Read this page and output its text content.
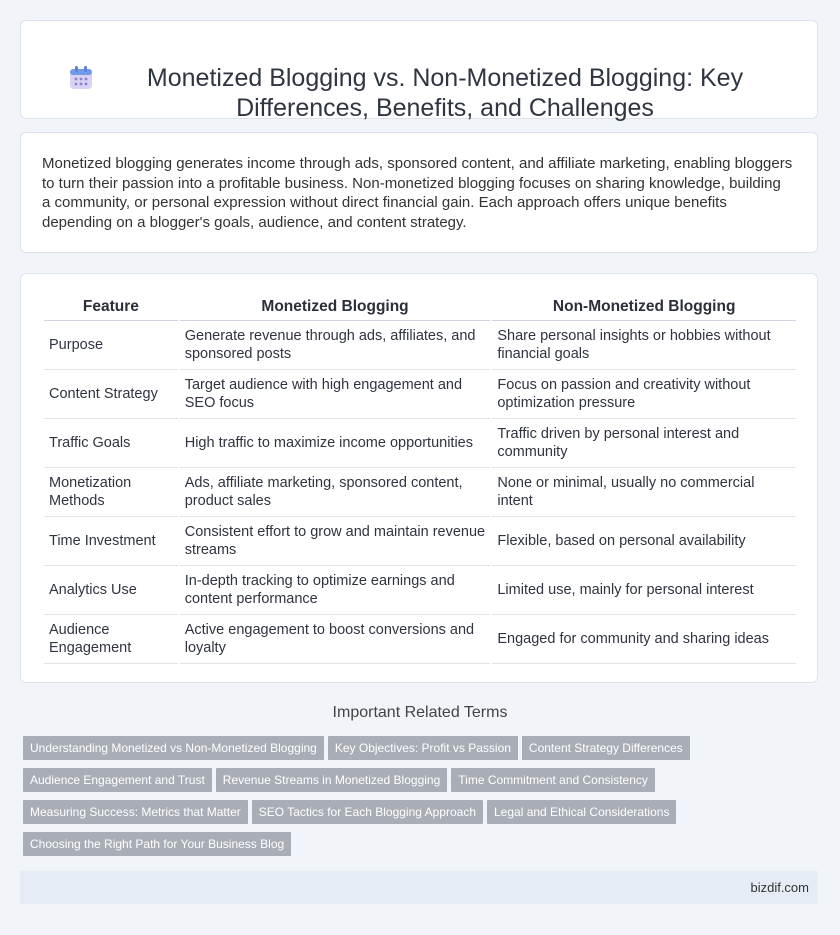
Monetized Blogging vs. Non-Monetized Blogging: Key Differences, Benefits, and Challenges

Monetized blogging generates income through ads, sponsored content, and affiliate marketing, enabling bloggers to turn their passion into a profitable business. Non-monetized blogging focuses on sharing knowledge, building a community, or personal expression without direct financial gain. Each approach offers unique benefits depending on a blogger's goals, audience, and content strategy.

Feature	Monetized Blogging	Non-Monetized Blogging
Purpose	Generate revenue through ads, affiliates, and sponsored posts	Share personal insights or hobbies without financial goals
Content Strategy	Target audience with high engagement and SEO focus	Focus on passion and creativity without optimization pressure
Traffic Goals	High traffic to maximize income opportunities	Traffic driven by personal interest and community
Monetization Methods	Ads, affiliate marketing, sponsored content, product sales	None or minimal, usually no commercial intent
Time Investment	Consistent effort to grow and maintain revenue streams	Flexible, based on personal availability
Analytics Use	In-depth tracking to optimize earnings and content performance	Limited use, mainly for personal interest
Audience Engagement	Active engagement to boost conversions and loyalty	Engaged for community and sharing ideas
Important Related Terms
Understanding Monetized vs Non-Monetized Blogging Key Objectives: Profit vs Passion Content Strategy DifferencesAudience Engagement and Trust Revenue Streams in Monetized Blogging Time Commitment and ConsistencyMeasuring Success: Metrics that Matter SEO Tactics for Each Blogging Approach Legal and Ethical ConsiderationsChoosing the Right Path for Your Business Blog
bizdif.com
